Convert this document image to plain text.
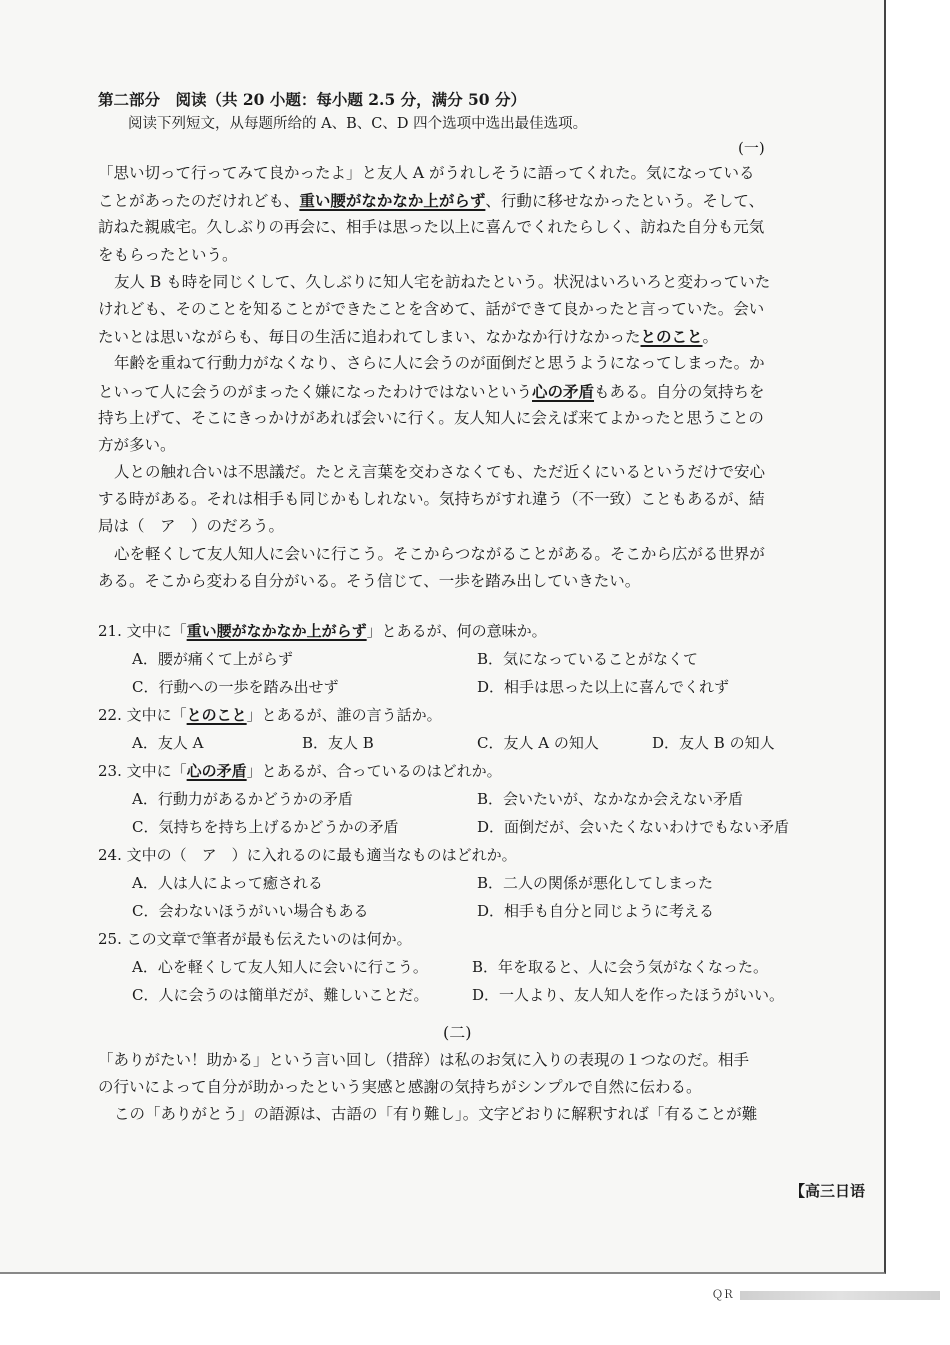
第二部分　阅读（共 20 小题：每小题 2.5 分，满分 50 分）
阅读下列短文，从每题所给的 A、B、C、D 四个选项中选出最佳选项。
(一)
「思い切って行ってみて良かったよ」と友人 A がうれしそうに語ってくれた。気になっている
ことがあったのだけれども、重い腰がなかなか上がらず、行動に移せなかったという。そして、
訪ねた親戚宅。久しぶりの再会に、相手は思った以上に喜んでくれたらしく、訪ねた自分も元気
をもらったという。
友人 B も時を同じくして、久しぶりに知人宅を訪ねたという。状況はいろいろと変わっていた
けれども、そのことを知ることができたことを含めて、話ができて良かったと言っていた。会い
たいとは思いながらも、毎日の生活に追われてしまい、なかなか行けなかったとのこと。
年齢を重ねて行動力がなくなり、さらに人に会うのが面倒だと思うようになってしまった。か
といって人に会うのがまったく嫌になったわけではないという心の矛盾もある。自分の気持ちを
持ち上げて、そこにきっかけがあれば会いに行く。友人知人に会えば来てよかったと思うことの
方が多い。
人との触れ合いは不思議だ。たとえ言葉を交わさなくても、ただ近くにいるというだけで安心
する時がある。それは相手も同じかもしれない。気持ちがすれ違う（不一致）こともあるが、結
局は（　ア　）のだろう。
心を軽くして友人知人に会いに行こう。そこからつながることがある。そこから広がる世界が
ある。そこから変わる自分がいる。そう信じて、一歩を踏み出していきたい。
21. 文中に「重い腰がなかなか上がらず」とあるが、何の意味か。
A．腰が痛くて上がらず	B．気になっていることがなくて
C．行動への一歩を踏み出せず	D．相手は思った以上に喜んでくれず
22. 文中に「とのこと」とあるが、誰の言う話か。
A．友人 A	B．友人 B	C．友人 A の知人	D．友人 B の知人
23. 文中に「心の矛盾」とあるが、合っているのはどれか。
A．行動力があるかどうかの矛盾	B．会いたいが、なかなか会えない矛盾
C．気持ちを持ち上げるかどうかの矛盾	D．面倒だが、会いたくないわけでもない矛盾
24. 文中の（　ア　）に入れるのに最も適当なものはどれか。
A．人は人によって癒される	B．二人の関係が悪化してしまった
C．会わないほうがいい場合もある	D．相手も自分と同じように考える
25. この文章で筆者が最も伝えたいのは何か。
A．心を軽くして友人知人に会いに行こう。	B．年を取ると、人に会う気がなくなった。
C．人に会うのは簡単だが、難しいことだ。	D．一人より、友人知人を作ったほうがいい。
(二)
「ありがたい！助かる」という言い回し（措辞）は私のお気に入りの表現の１つなのだ。相手
の行いによって自分が助かったという実感と感謝の気持ちがシンプルで自然に伝わる。
この「ありがとう」の語源は、古語の「有り難し」。文字どおりに解釈すれば「有ることが難
【高三日语
ＱＲ
